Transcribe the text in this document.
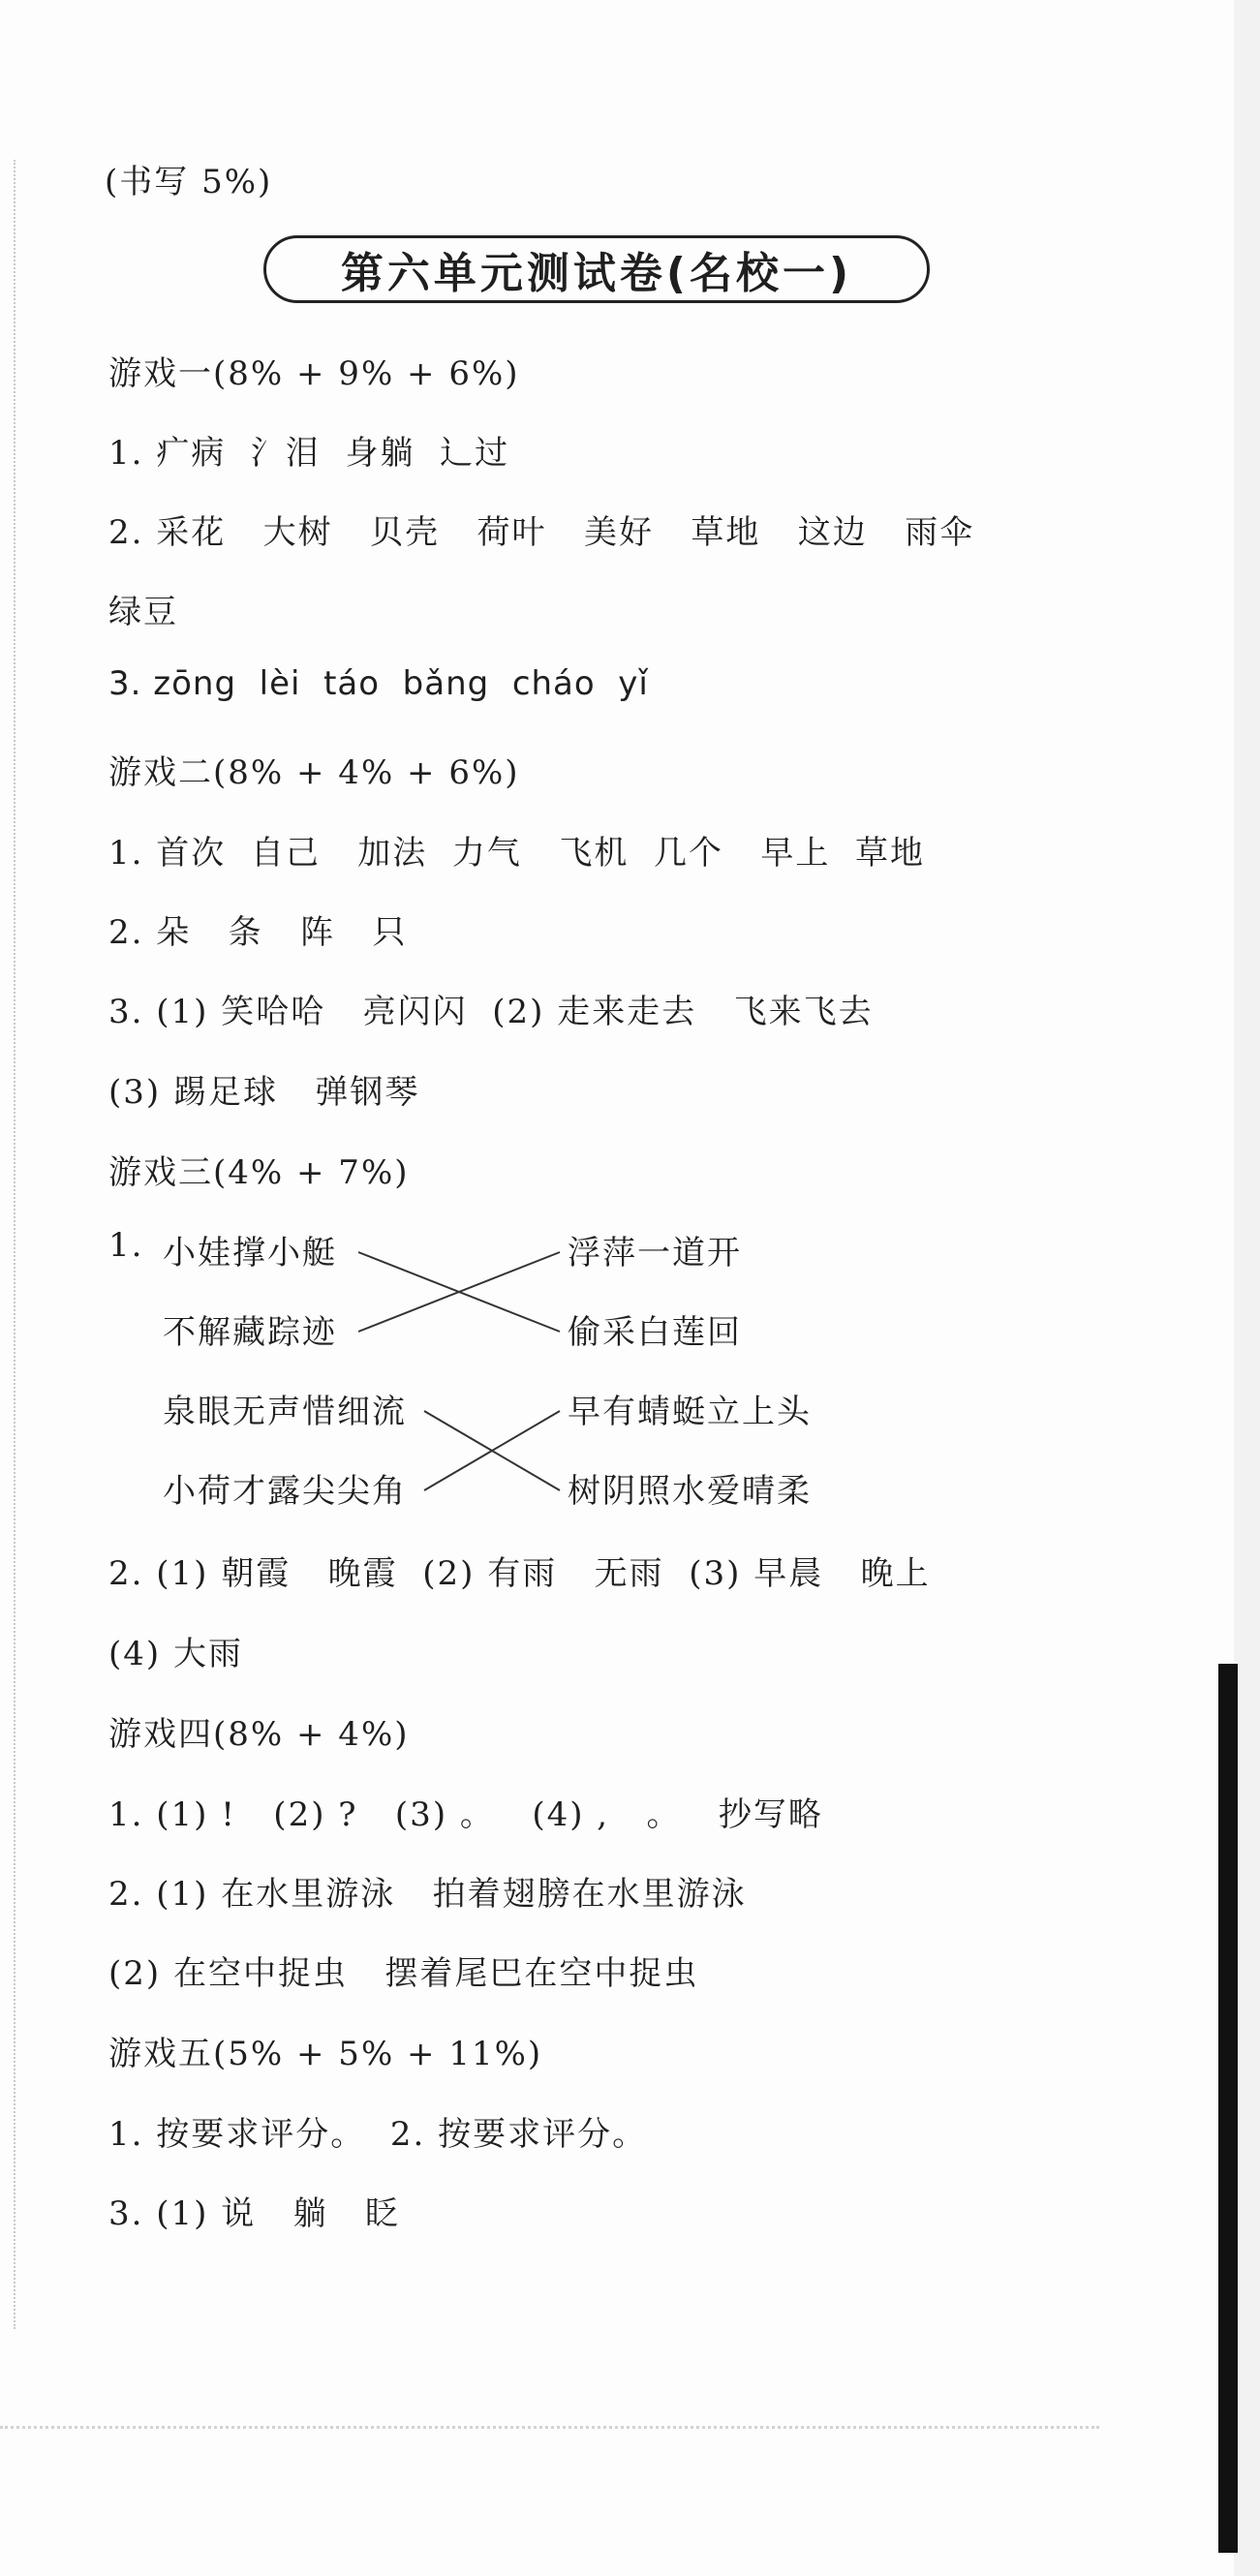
(书写 5%)
第六单元测试卷(名校一)
游戏一(8% + 9% + 6%)
1. 疒病  氵泪  身躺  辶过
2. 采花   大树   贝壳   荷叶   美好   草地   这边   雨伞
绿豆
3. zōng  lèi  táo  bǎng  cháo  yǐ
游戏二(8% + 4% + 6%)
1. 首次  自己   加法  力气   飞机  几个   早上  草地
2. 朵   条   阵   只
3. (1) 笑哈哈   亮闪闪  (2) 走来走去   飞来飞去
(3) 踢足球   弹钢琴
游戏三(4% + 7%)
1. 小娃撑小艇
不解藏踪迹
泉眼无声惜细流
小荷才露尖尖角
浮萍一道开
偷采白莲回
早有蜻蜓立上头
树阴照水爱晴柔
2. (1) 朝霞   晚霞  (2) 有雨   无雨  (3) 早晨   晚上
(4) 大雨
游戏四(8% + 4%)
1. (1) !   (2) ?   (3) 。   (4) ,   。   抄写略
2. (1) 在水里游泳   拍着翅膀在水里游泳
(2) 在空中捉虫   摆着尾巴在空中捉虫
游戏五(5% + 5% + 11%)
1. 按要求评分。  2. 按要求评分。
3. (1) 说   躺   眨
